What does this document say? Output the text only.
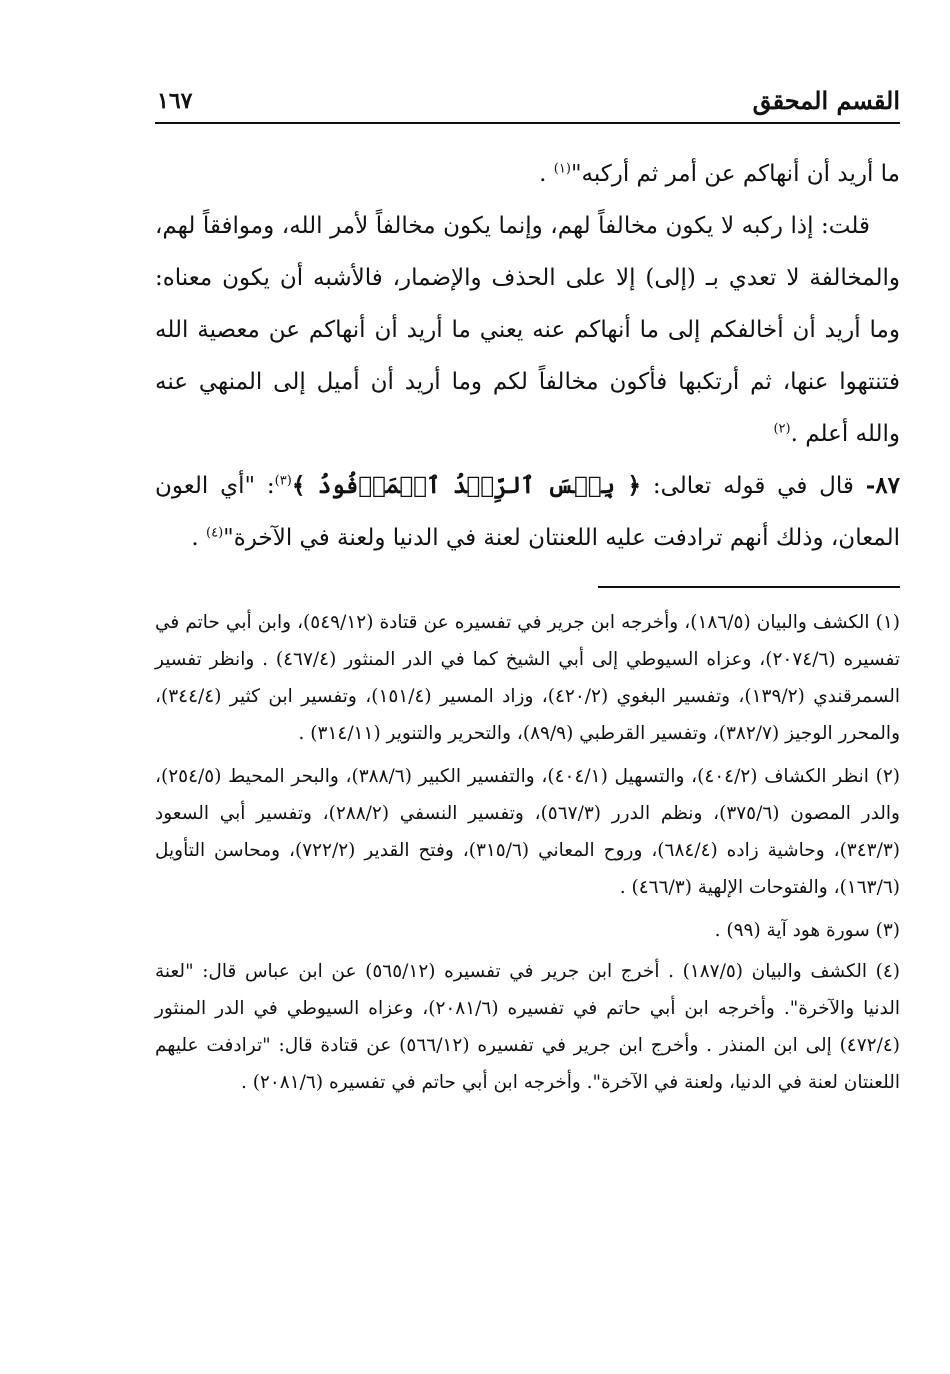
القسم المحقق
١٦٧

ما أريد أن أنهاكم عن أمر ثم أركبه"$^{(١)}$ .

قلت: إذا ركبه لا يكون مخالفاً لهم، وإنما يكون مخالفاً لأمر الله، وموافقاً لهم، والمخالفة لا تعدي بـ (إلى) إلا على الحذف والإضمار، فالأشبه أن يكون معناه: وما أريد أن أخالفكم إلى ما أنهاكم عنه يعني ما أريد أن أنهاكم عن معصية الله فتنتهوا عنها، ثم أرتكبها فأكون مخالفاً لكم وما أريد أن أميل إلى المنهي عنه والله أعلم .$^{(٢)}$

٨٧- قال في قوله تعالى: ﴿ بِئۡسَ ٱلرِّفۡدُ ٱلۡمَرۡفُودُ ﴾$^{(٣)}$: "أي العون المعان، وذلك أنهم ترادفت عليه اللعنتان لعنة في الدنيا ولعنة في الآخرة"$^{(٤)}$ .

(١) الكشف والبيان (١٨٦/٥)، وأخرجه ابن جرير في تفسيره عن قتادة (٥٤٩/١٢)، وابن أبي حاتم في تفسيره (٢٠٧٤/٦)، وعزاه السيوطي إلى أبي الشيخ كما في الدر المنثور (٤٦٧/٤) . وانظر تفسير السمرقندي (١٣٩/٢)، وتفسير البغوي (٤٢٠/٢)، وزاد المسير (١٥١/٤)، وتفسير ابن كثير (٣٤٤/٤)، والمحرر الوجيز (٣٨٢/٧)، وتفسير القرطبي (٨٩/٩)، والتحرير والتنوير (٣١٤/١١) .

(٢) انظر الكشاف (٤٠٤/٢)، والتسهيل (٤٠٤/١)، والتفسير الكبير (٣٨٨/٦)، والبحر المحيط (٢٥٤/٥)، والدر المصون (٣٧٥/٦)، ونظم الدرر (٥٦٧/٣)، وتفسير النسفي (٢٨٨/٢)، وتفسير أبي السعود (٣٤٣/٣)، وحاشية زاده (٦٨٤/٤)، وروح المعاني (٣١٥/٦)، وفتح القدير (٧٢٢/٢)، ومحاسن التأويل (١٦٣/٦)، والفتوحات الإلهية (٤٦٦/٣) .

(٣) سورة هود آية (٩٩) .

(٤) الكشف والبيان (١٨٧/٥) . أخرج ابن جرير في تفسيره (٥٦٥/١٢) عن ابن عباس قال: "لعنة الدنيا والآخرة". وأخرجه ابن أبي حاتم في تفسيره (٢٠٨١/٦)، وعزاه السيوطي في الدر المنثور (٤٧٢/٤) إلى ابن المنذر . وأخرج ابن جرير في تفسيره (٥٦٦/١٢) عن قتادة قال: "ترادفت عليهم اللعنتان لعنة في الدنيا، ولعنة في الآخرة". وأخرجه ابن أبي حاتم في تفسيره (٢٠٨١/٦) .
